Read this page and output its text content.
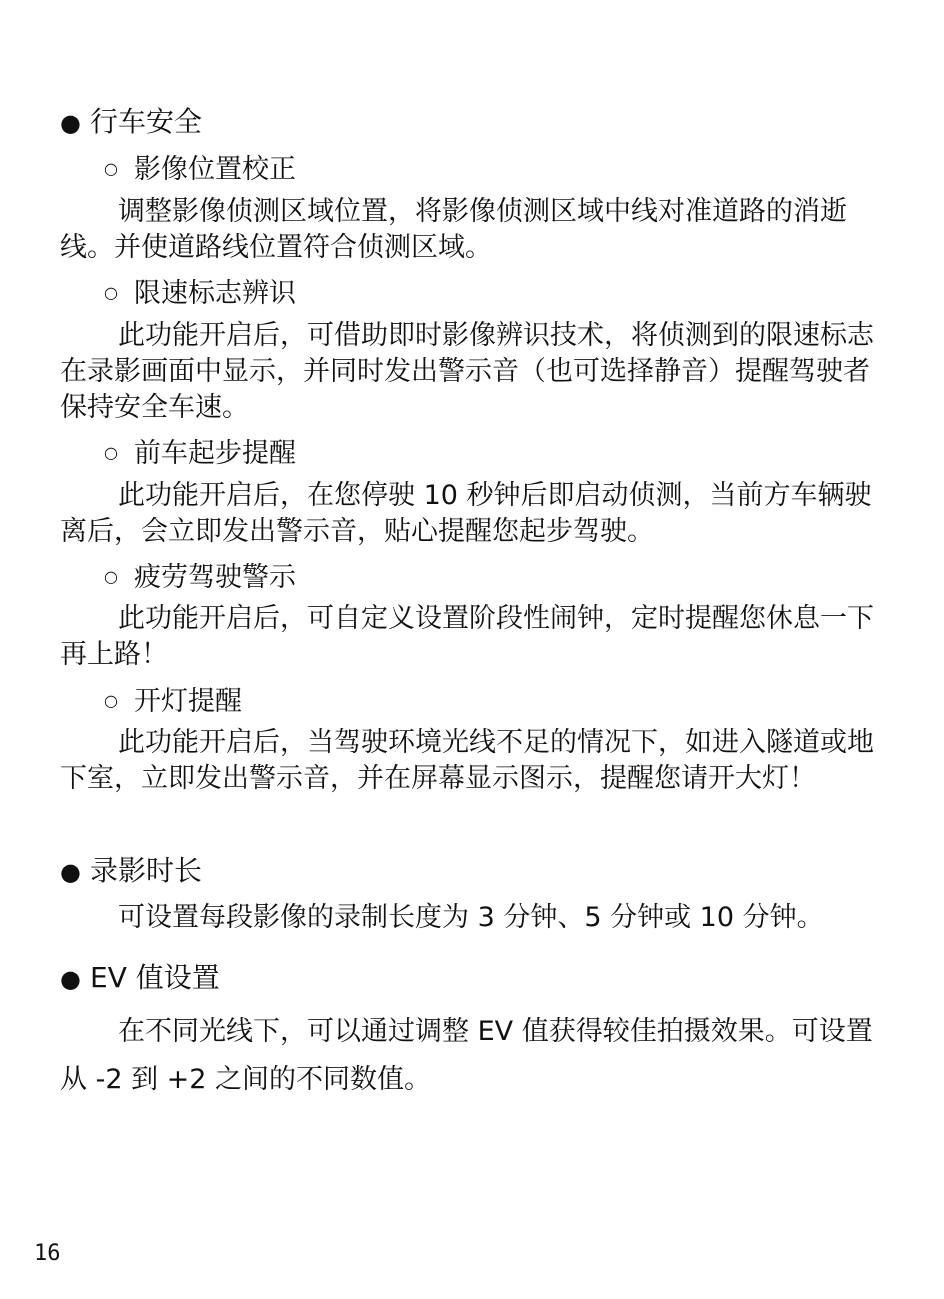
● 行车安全
○ 影像位置校正

调整影像侦测区域位置，将影像侦测区域中线对准道路的消逝线。并使道路线位置符合侦测区域。

○ 限速标志辨识

此功能开启后，可借助即时影像辨识技术，将侦测到的限速标志在录影画面中显示，并同时发出警示音（也可选择静音）提醒驾驶者保持安全车速。

○ 前车起步提醒

此功能开启后，在您停驶 10 秒钟后即启动侦测，当前方车辆驶离后，会立即发出警示音，贴心提醒您起步驾驶。

○ 疲劳驾驶警示

此功能开启后，可自定义设置阶段性闹钟，定时提醒您休息一下再上路！

○ 开灯提醒

此功能开启后，当驾驶环境光线不足的情况下，如进入隧道或地下室，立即发出警示音，并在屏幕显示图示，提醒您请开大灯！

● 录影时长

可设置每段影像的录制长度为 3 分钟、5 分钟或 10 分钟。

● EV 值设置

在不同光线下，可以通过调整 EV 值获得较佳拍摄效果。可设置从 -2 到 +2 之间的不同数值。

16
